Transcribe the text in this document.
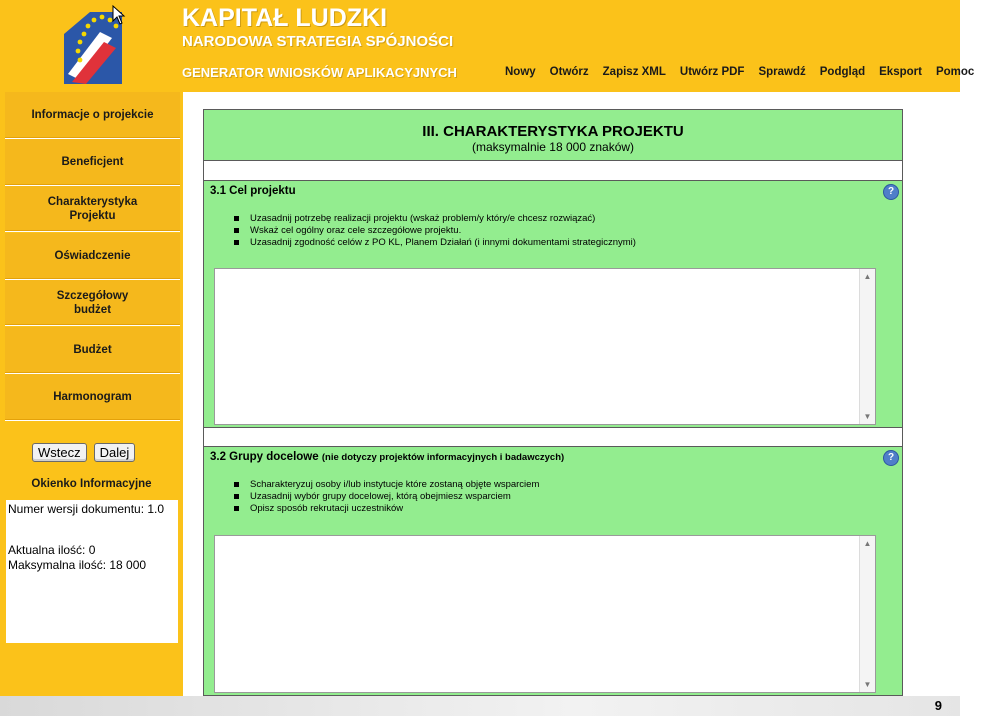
KAPITAŁ LUDZKI
NARODOWA STRATEGIA SPÓJNOŚCI
GENERATOR WNIOSKÓW APLIKACYJNYCH	Nowy Otwórz Zapisz XML Utwórz PDF Sprawdź Podgląd Eksport Pomoc
Informacje o projekcie
Beneficjent
Charakterystyka Projektu
Oświadczenie
Szczegółowy budżet
Budżet
Harmonogram
Wstecz	Dalej
Okienko Informacyjne
Numer wersji dokumentu: 1.0
Aktualna ilość: 0
Maksymalna ilość: 18 000
III. CHARAKTERYSTYKA PROJEKTU
(maksymalnie 18 000 znaków)
3.1 Cel projektu	?
Uzasadnij potrzebę realizacji projektu (wskaż problem/y który/e chcesz rozwiązać)
Wskaż cel ogólny oraz cele szczegółowe projektu.
Uzasadnij zgodność celów z PO KL, Planem Działań (i innymi dokumentami strategicznymi)
▲
▼
3.2 Grupy docelowe (nie dotyczy projektów informacyjnych i badawczych)	?
Scharakteryzuj osoby i/lub instytucje które zostaną objęte wsparciem
Uzasadnij wybór grupy docelowej, którą obejmiesz wsparciem
Opisz sposób rekrutacji uczestników
▲
▼
9
